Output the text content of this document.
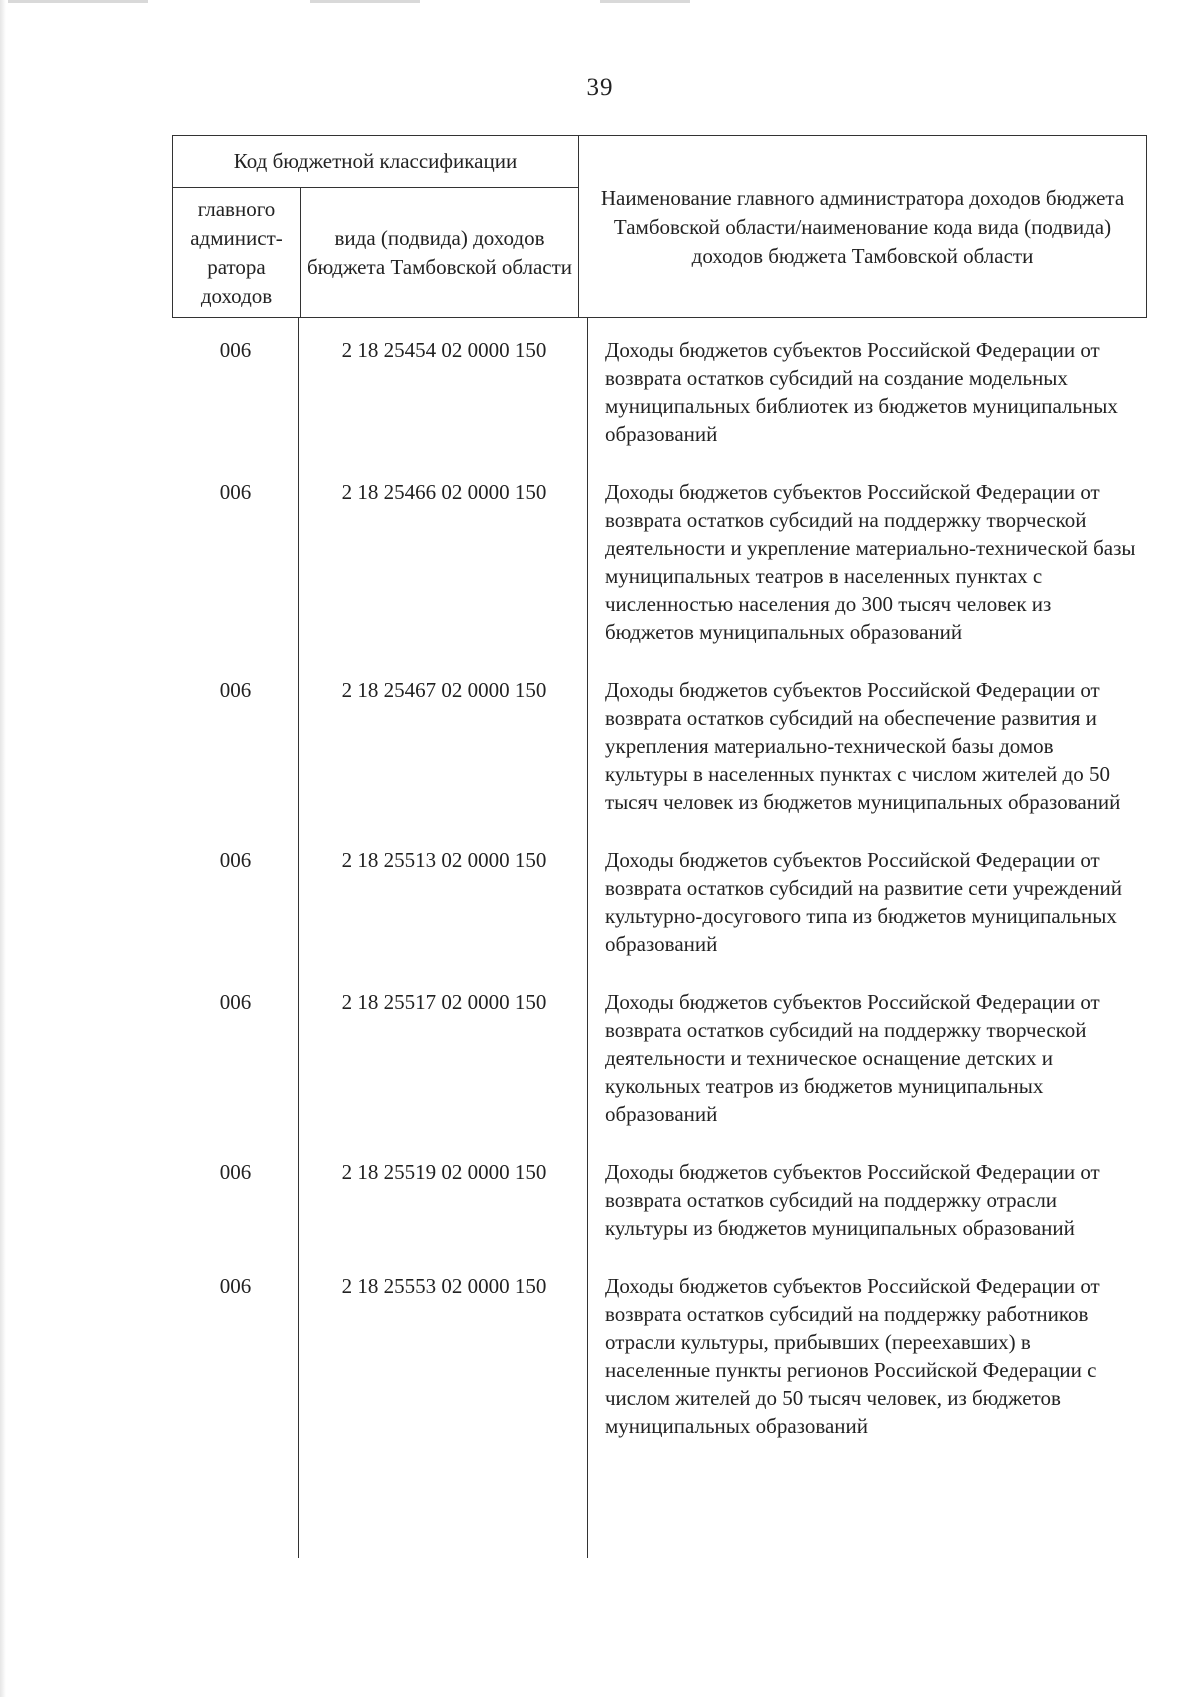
39
Код бюджетной классификации
главного админист-ратора доходов
вида (подвида) доходов бюджета Тамбовской области
Наименование главного администратора доходов бюджета Тамбовской области/наименование кода вида (подвида) доходов бюджета Тамбовской области
006	2 18 25454 02 0000 150	Доходы бюджетов субъектов Российской Федерации от возврата остатков субсидий на создание модельных муниципальных библиотек из бюджетов муниципальных образований
006	2 18 25466 02 0000 150	Доходы бюджетов субъектов Российской Федерации от возврата остатков субсидий на поддержку творческой деятельности и укрепление материально-технической базы муниципальных театров в населенных пунктах с численностью населения до 300 тысяч человек из бюджетов муниципальных образований
006	2 18 25467 02 0000 150	Доходы бюджетов субъектов Российской Федерации от возврата остатков субсидий на обеспечение развития и укрепления материально-технической базы домов культуры в населенных пунктах с числом жителей до 50 тысяч человек из бюджетов муниципальных образований
006	2 18 25513 02 0000 150	Доходы бюджетов субъектов Российской Федерации от возврата остатков субсидий на развитие сети учреждений культурно-досугового типа из бюджетов муниципальных образований
006	2 18 25517 02 0000 150	Доходы бюджетов субъектов Российской Федерации от возврата остатков субсидий на поддержку творческой деятельности и техническое оснащение детских и кукольных театров из бюджетов муниципальных образований
006	2 18 25519 02 0000 150	Доходы бюджетов субъектов Российской Федерации от возврата остатков субсидий на поддержку отрасли культуры из бюджетов муниципальных образований
006	2 18 25553 02 0000 150	Доходы бюджетов субъектов Российской Федерации от возврата остатков субсидий на поддержку работников отрасли культуры, прибывших (переехавших) в населенные пункты регионов Российской Федерации с числом жителей до 50 тысяч человек, из бюджетов муниципальных образований
